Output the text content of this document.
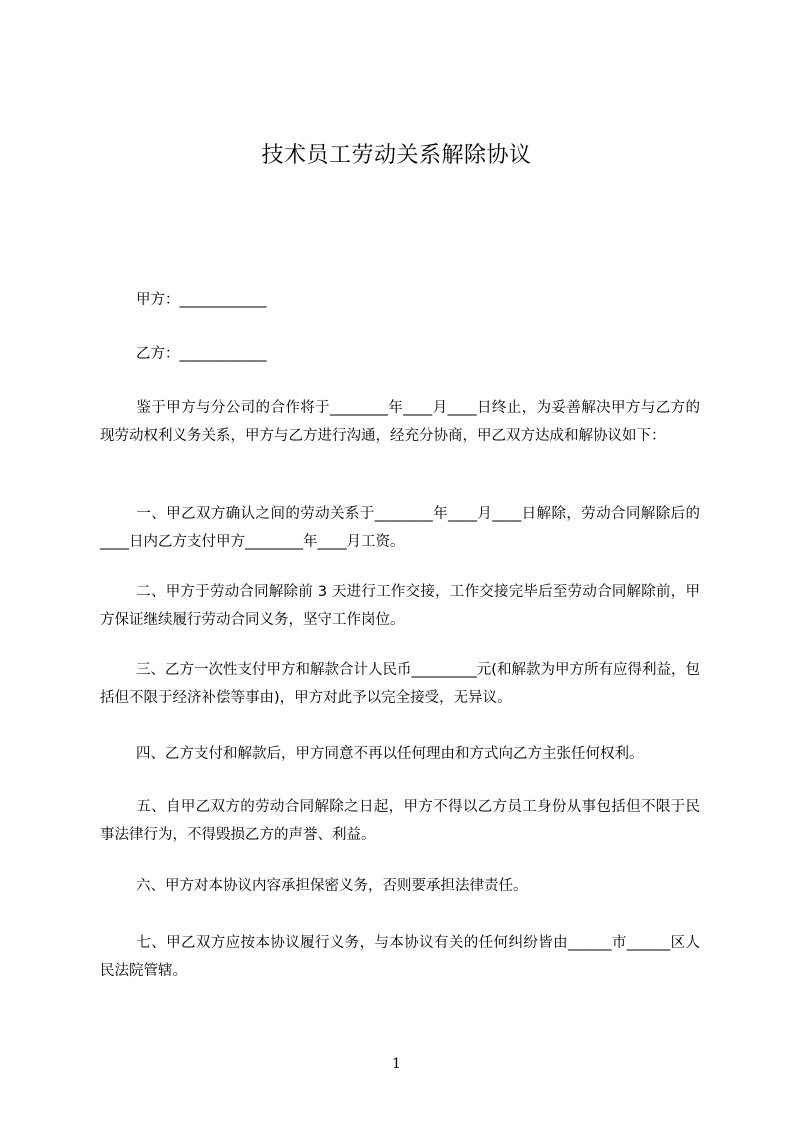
技术员工劳动关系解除协议
甲方：____________
乙方：____________
鉴于甲方与分公司的合作将于________年____月____日终止，为妥善解决甲方与乙方的现劳动权利义务关系，甲方与乙方进行沟通，经充分协商，甲乙双方达成和解协议如下：
一、甲乙双方确认之间的劳动关系于________年____月____日解除，劳动合同解除后的____日内乙方支付甲方________年____月工资。
二、甲方于劳动合同解除前 3 天进行工作交接，工作交接完毕后至劳动合同解除前，甲方保证继续履行劳动合同义务，坚守工作岗位。
三、乙方一次性支付甲方和解款合计人民币_________元(和解款为甲方所有应得利益，包括但不限于经济补偿等事由)，甲方对此予以完全接受，无异议。
四、乙方支付和解款后，甲方同意不再以任何理由和方式向乙方主张任何权利。
五、自甲乙双方的劳动合同解除之日起，甲方不得以乙方员工身份从事包括但不限于民事法律行为，不得毁损乙方的声誉、利益。
六、甲方对本协议内容承担保密义务，否则要承担法律责任。
七、甲乙双方应按本协议履行义务，与本协议有关的任何纠纷皆由______市______区人民法院管辖。
1
